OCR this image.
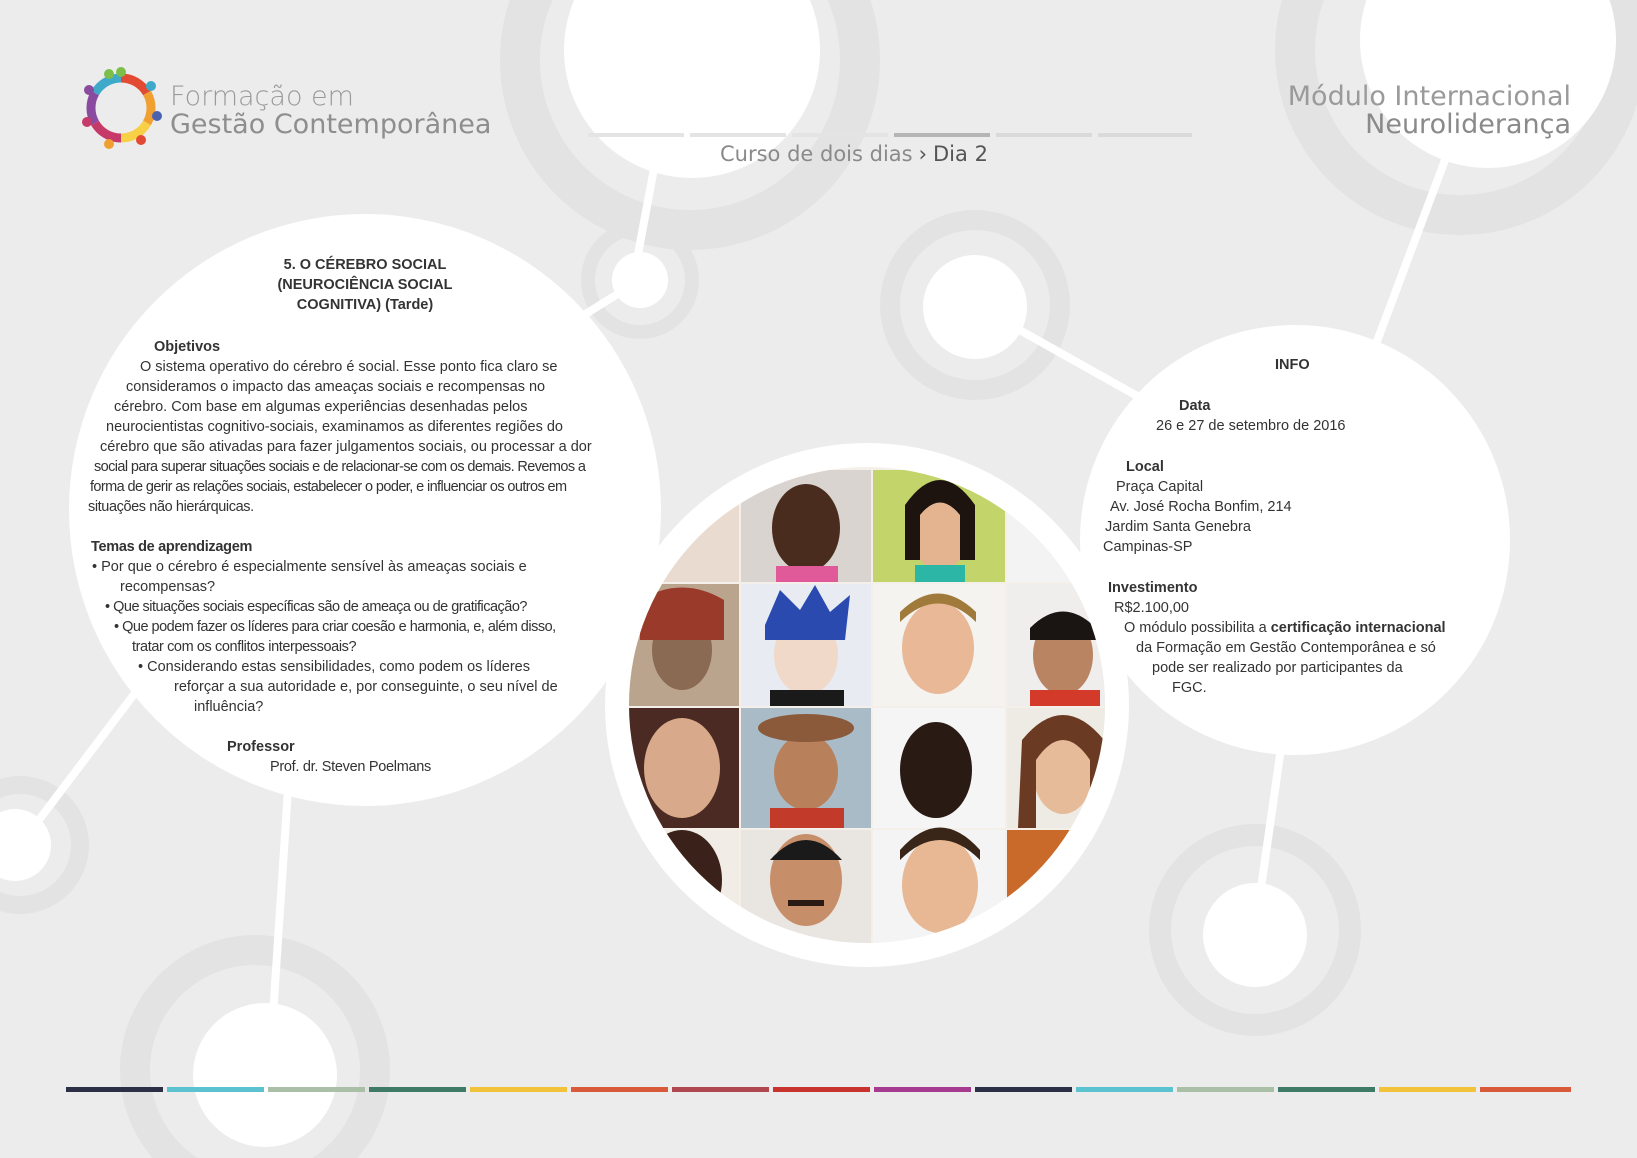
Formação em
Gestão Contemporânea
Módulo Internacional
Neuroliderança
Curso de dois dias › Dia 2
5. O CÉREBRO SOCIAL
(NEUROCIÊNCIA SOCIAL
COGNITIVA) (Tarde)
Objetivos
O sistema operativo do cérebro é social. Esse ponto fica claro se
consideramos o impacto das ameaças sociais e recompensas no
cérebro. Com base em algumas experiências desenhadas pelos
neurocientistas cognitivo-sociais, examinamos as diferentes regiões do
cérebro que são ativadas para fazer julgamentos sociais, ou processar a dor
social para superar situações sociais e de relacionar-se com os demais. Revemos a
forma de gerir as relações sociais, estabelecer o poder, e influenciar os outros em
situações não hierárquicas.
Temas de aprendizagem
• Por que o cérebro é especialmente sensível às ameaças sociais e
recompensas?
• Que situações sociais específicas são de ameaça ou de gratificação?
• Que podem fazer os líderes para criar coesão e harmonia, e, além disso,
tratar com os conflitos interpessoais?
• Considerando estas sensibilidades, como podem os líderes
reforçar a sua autoridade e, por conseguinte, o seu nível de
influência?
Professor
Prof. dr. Steven Poelmans
INFO
Data
26 e 27 de setembro de 2016
Local
Praça Capital
Av. José Rocha Bonfim, 214
Jardim Santa Genebra
Campinas-SP
Investimento
R$2.100,00
O módulo possibilita a certificação internacional
da Formação em Gestão Contemporânea e só
pode ser realizado por participantes da
FGC.
